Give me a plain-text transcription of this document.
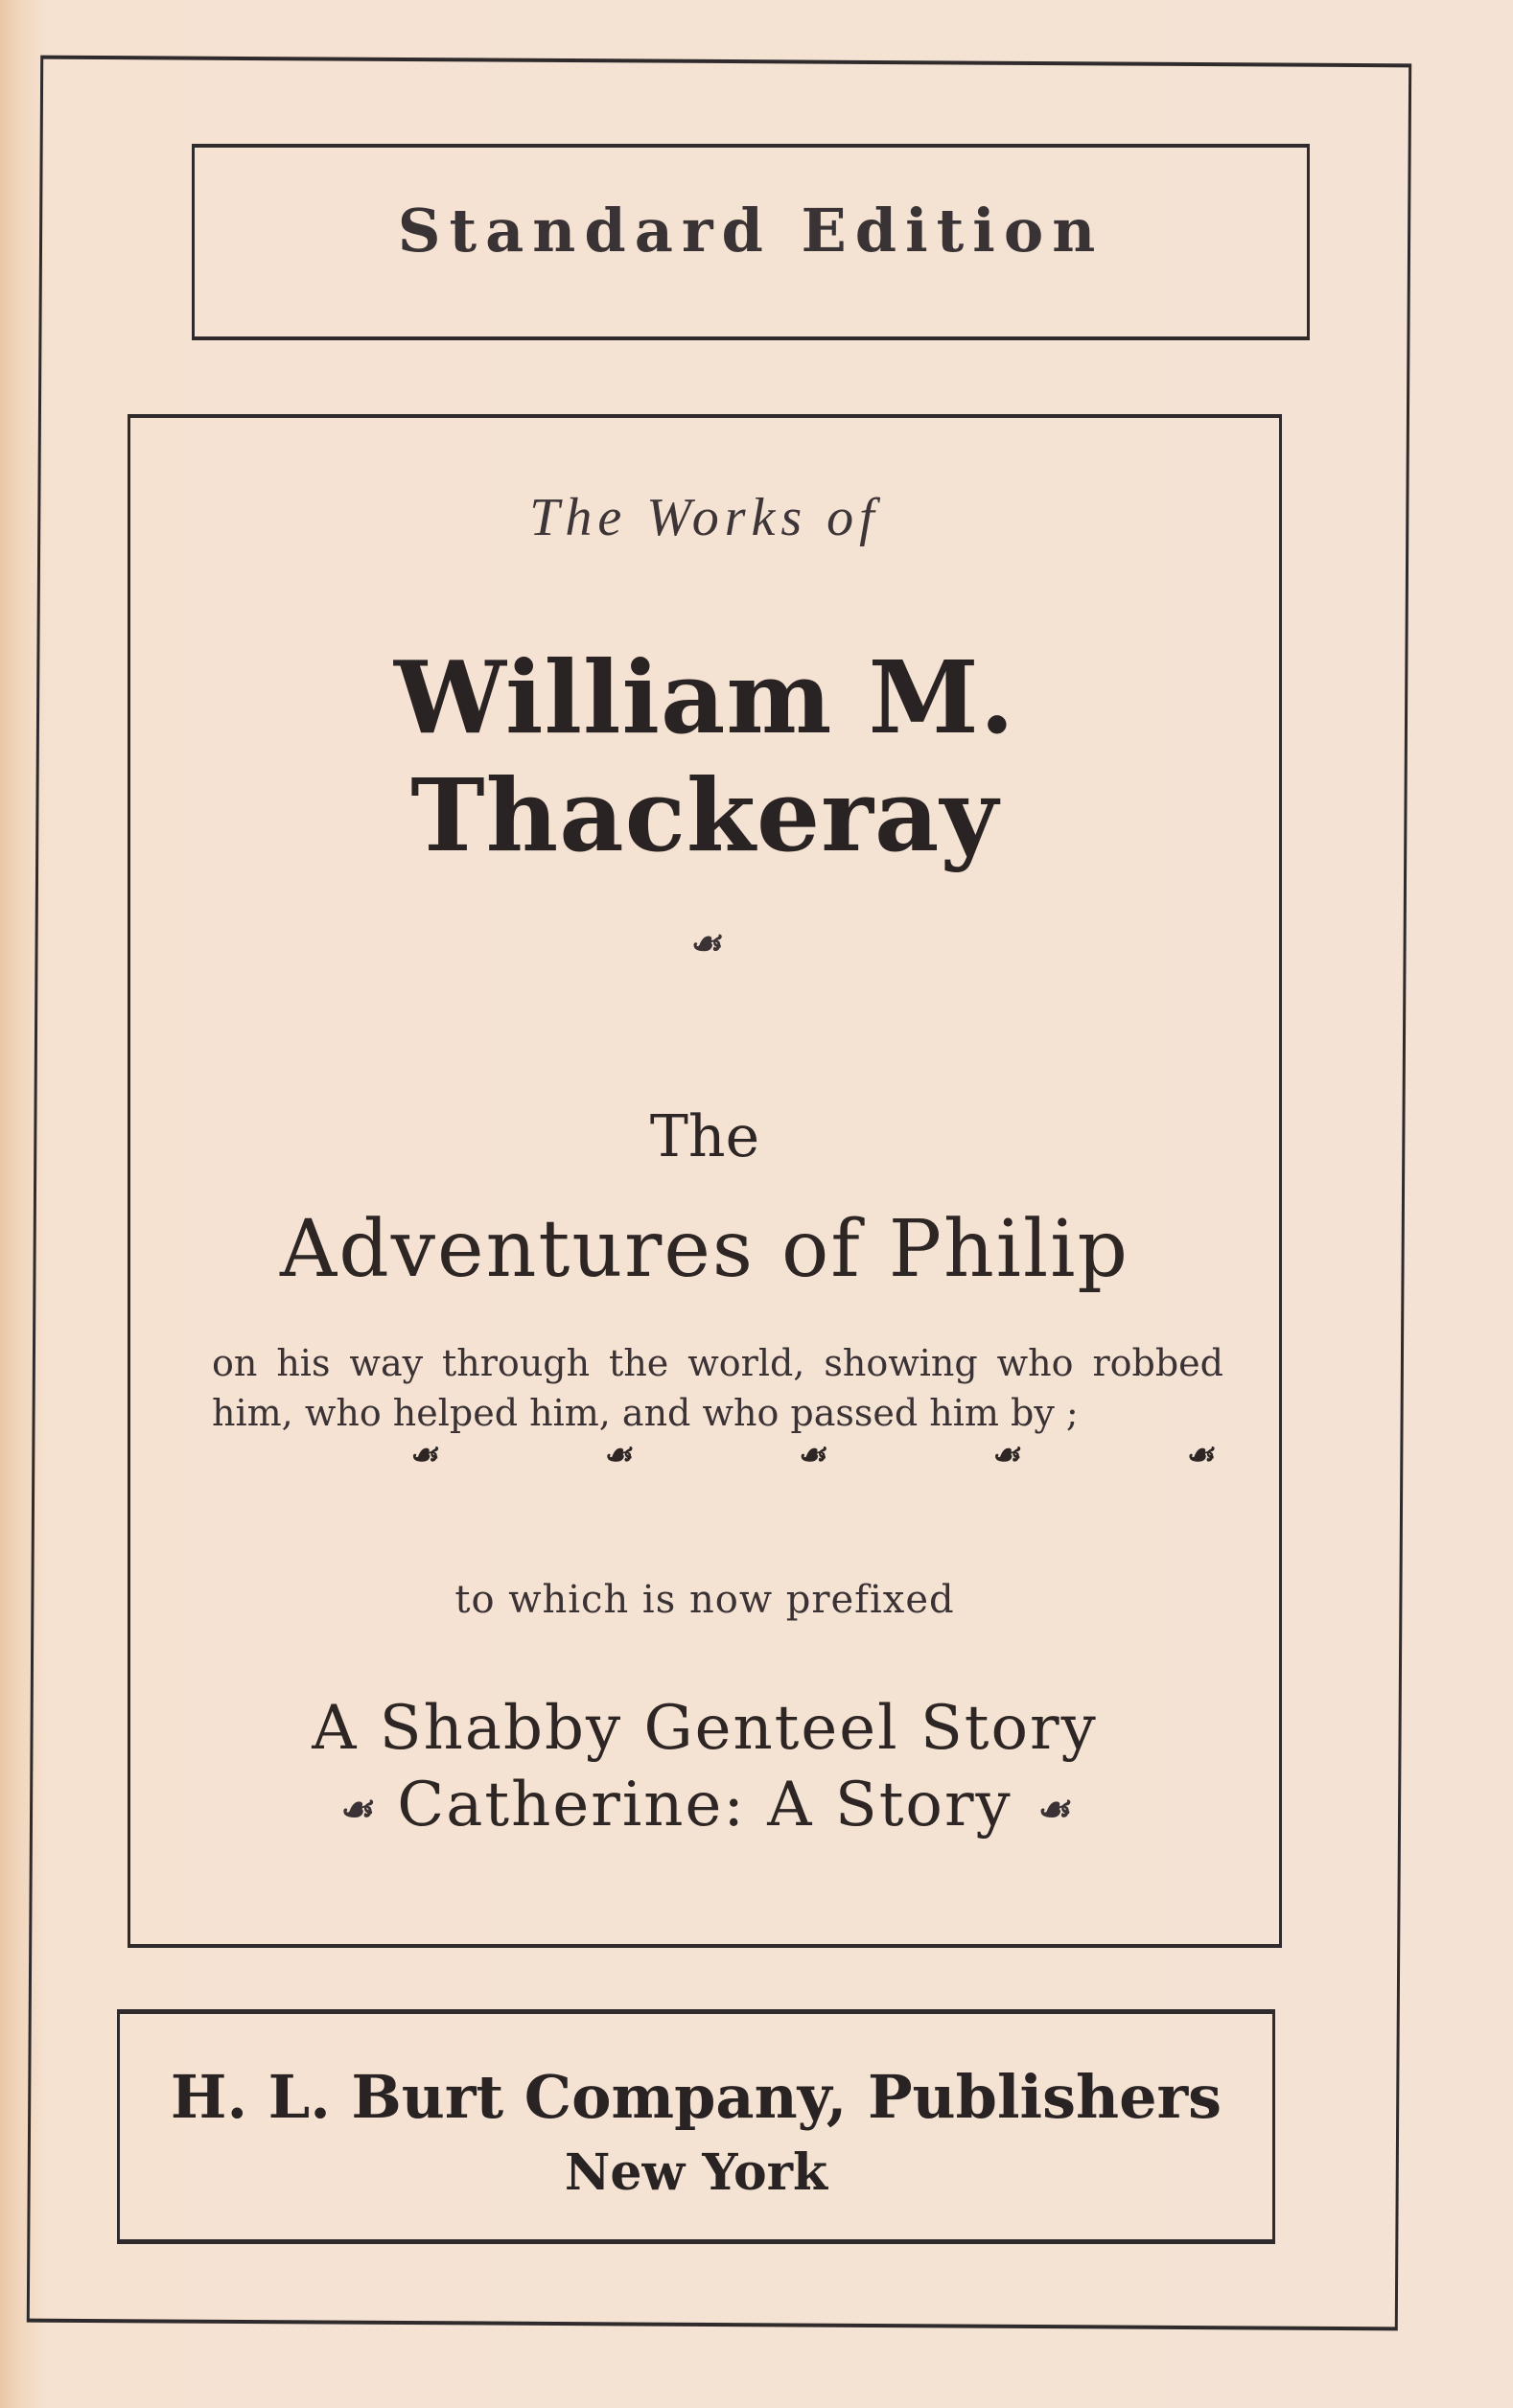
Standard Edition
The Works of
William M. Thackeray
☙
The
Adventures of Philip
on his way through the world, showing who robbed him, who helped him, and who passed him by ;
☙	☙	☙	☙	☙
to which is now prefixed
A Shabby Genteel Story
☙ Catherine: A Story ☙
H. L. Burt Company, Publishers
New York
